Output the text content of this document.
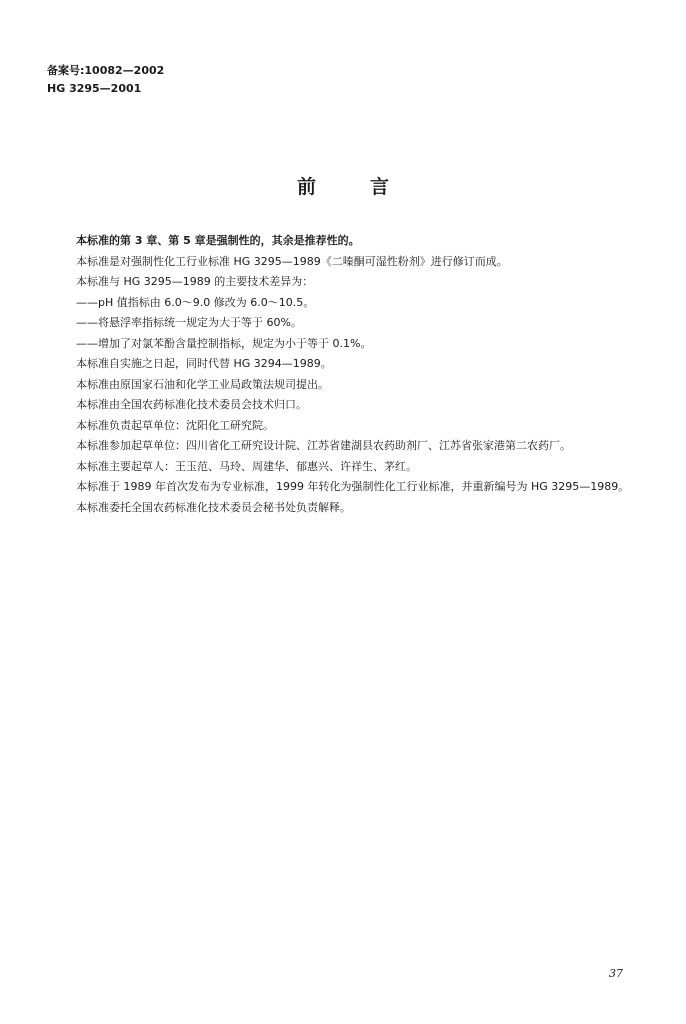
备案号:10082—2002
HG 3295—2001
前	言
本标准的第 3 章、第 5 章是强制性的，其余是推荐性的。
本标准是对强制性化工行业标准 HG 3295—1989《二嗪酮可湿性粉剂》进行修订而成。
本标准与 HG 3295—1989 的主要技术差异为：
——pH 值指标由 6.0～9.0 修改为 6.0～10.5。
——将悬浮率指标统一规定为大于等于 60%。
——增加了对氯苯酚含量控制指标，规定为小于等于 0.1%。
本标准自实施之日起，同时代替 HG 3294—1989。
本标准由原国家石油和化学工业局政策法规司提出。
本标准由全国农药标准化技术委员会技术归口。
本标准负责起草单位：沈阳化工研究院。
本标准参加起草单位：四川省化工研究设计院、江苏省建湖县农药助剂厂、江苏省张家港第二农药厂。
本标准主要起草人：王玉范、马玲、周建华、郁惠兴、许祥生、茅红。
本标准于 1989 年首次发布为专业标准，1999 年转化为强制性化工行业标准，并重新编号为 HG 3295—1989。
本标准委托全国农药标准化技术委员会秘书处负责解释。
37
